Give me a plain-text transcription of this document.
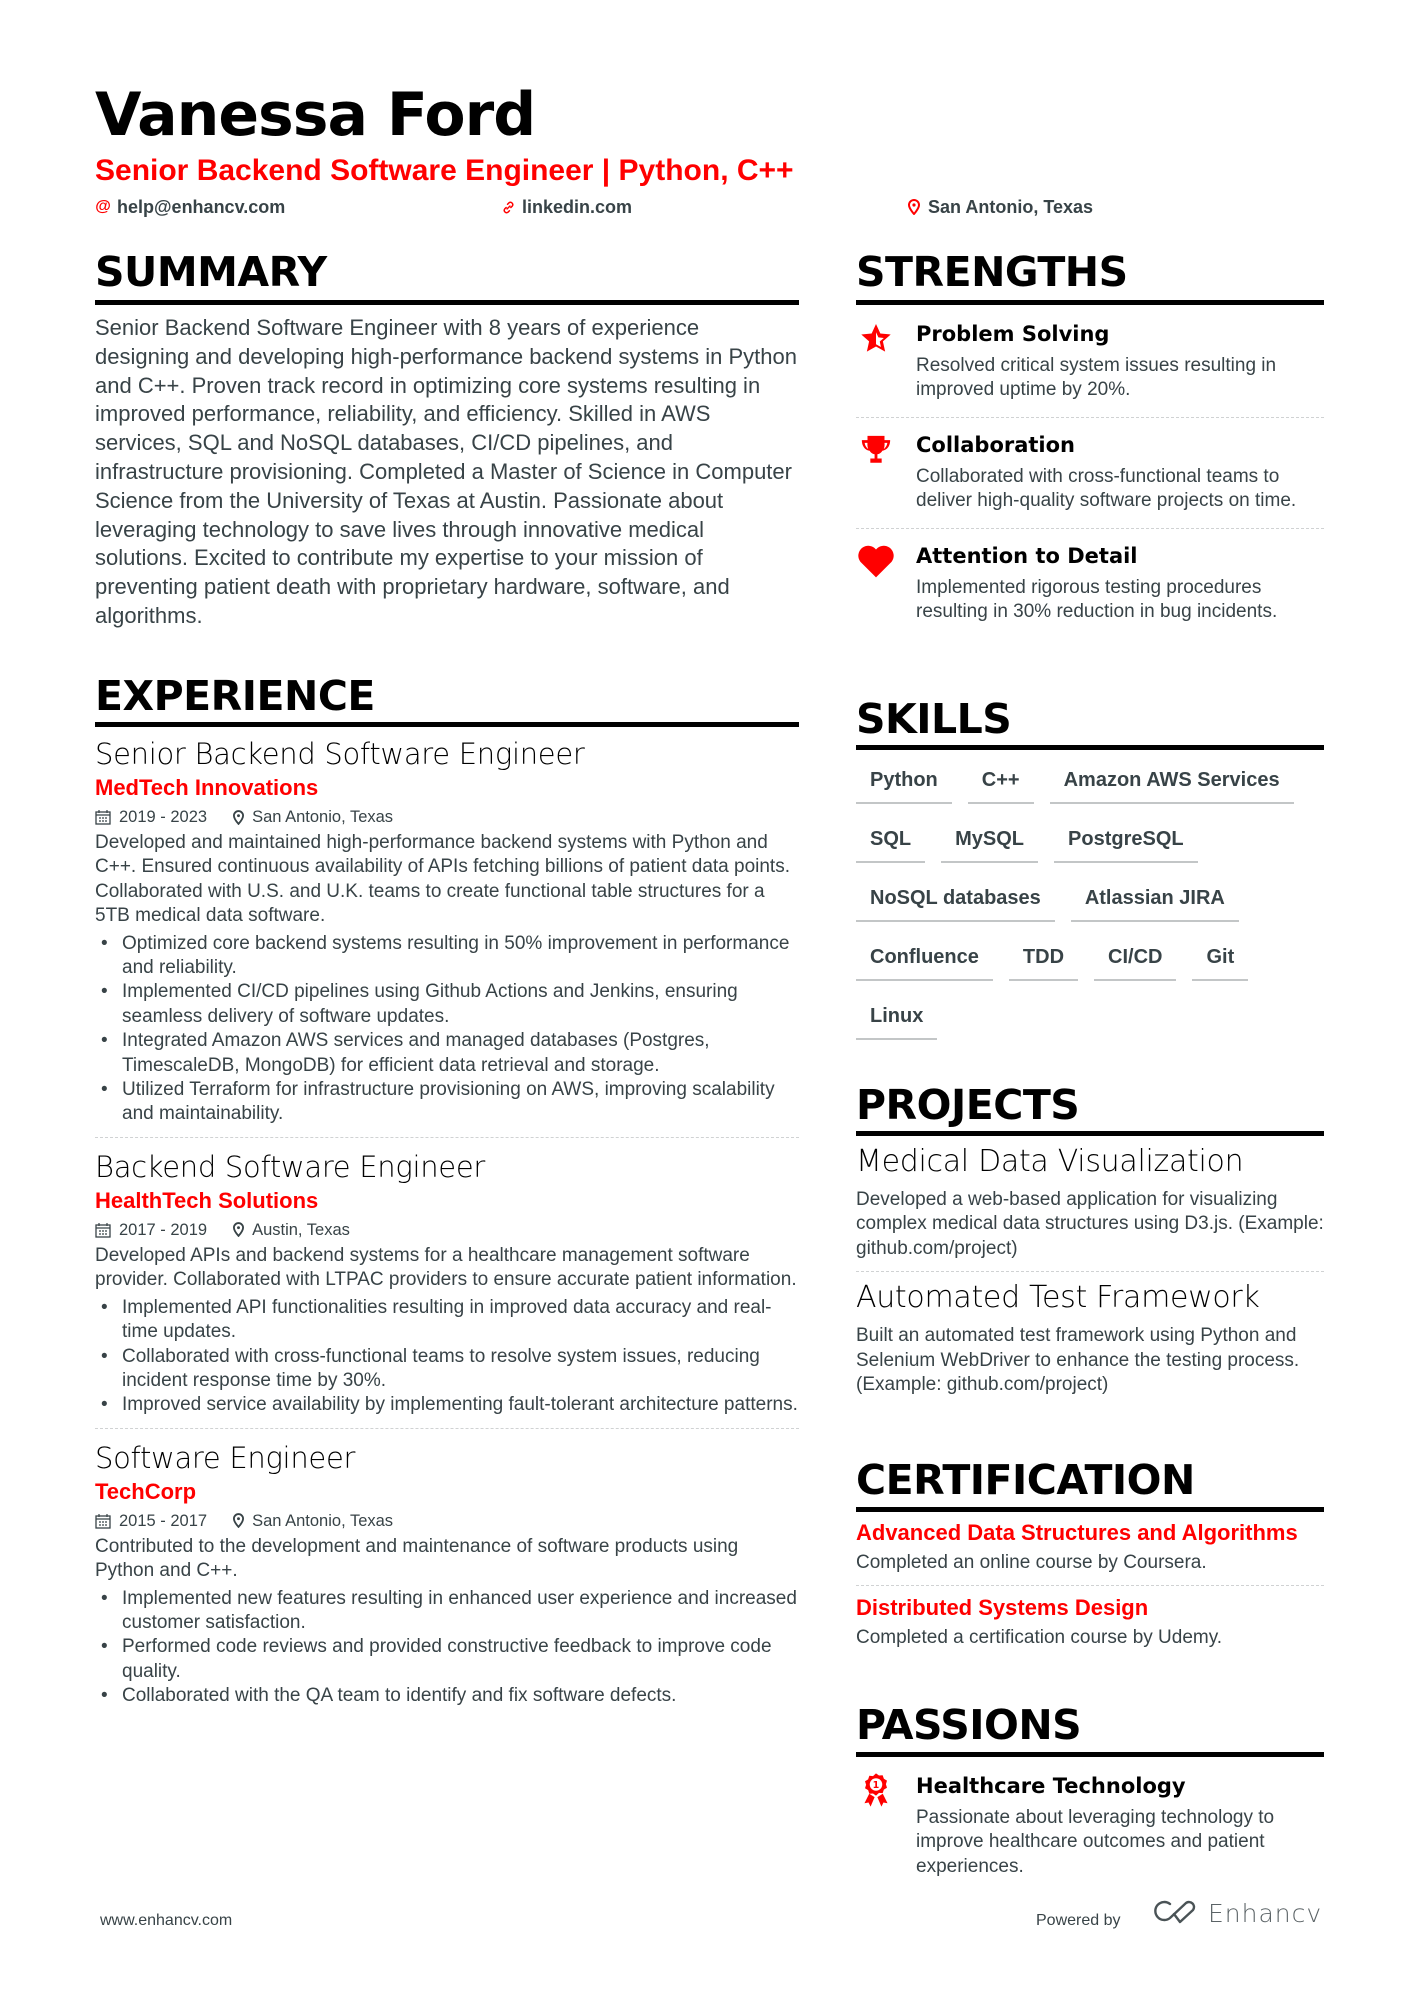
Vanessa Ford
Senior Backend Software Engineer | Python, C++
@ help@enhancv.com	linkedin.com	San Antonio, Texas
SUMMARY
Senior Backend Software Engineer with 8 years of experience designing and developing high-performance backend systems in Python and C++. Proven track record in optimizing core systems resulting in improved performance, reliability, and efficiency. Skilled in AWS services, SQL and NoSQL databases, CI/CD pipelines, and infrastructure provisioning. Completed a Master of Science in Computer Science from the University of Texas at Austin. Passionate about leveraging technology to save lives through innovative medical solutions. Excited to contribute my expertise to your mission of preventing patient death with proprietary hardware, software, and algorithms.
EXPERIENCE
Senior Backend Software Engineer
MedTech Innovations
2019 - 2023	San Antonio, Texas
Developed and maintained high-performance backend systems with Python and C++. Ensured continuous availability of APIs fetching billions of patient data points. Collaborated with U.S. and U.K. teams to create functional table structures for a 5TB medical data software.
• Optimized core backend systems resulting in 50% improvement in performance and reliability.
• Implemented CI/CD pipelines using Github Actions and Jenkins, ensuring seamless delivery of software updates.
• Integrated Amazon AWS services and managed databases (Postgres, TimescaleDB, MongoDB) for efficient data retrieval and storage.
• Utilized Terraform for infrastructure provisioning on AWS, improving scalability and maintainability.
Backend Software Engineer
HealthTech Solutions
2017 - 2019	Austin, Texas
Developed APIs and backend systems for a healthcare management software provider. Collaborated with LTPAC providers to ensure accurate patient information.
• Implemented API functionalities resulting in improved data accuracy and real-time updates.
• Collaborated with cross-functional teams to resolve system issues, reducing incident response time by 30%.
• Improved service availability by implementing fault-tolerant architecture patterns.
Software Engineer
TechCorp
2015 - 2017	San Antonio, Texas
Contributed to the development and maintenance of software products using Python and C++.
• Implemented new features resulting in enhanced user experience and increased customer satisfaction.
• Performed code reviews and provided constructive feedback to improve code quality.
• Collaborated with the QA team to identify and fix software defects.
STRENGTHS
Problem Solving
Resolved critical system issues resulting in improved uptime by 20%.
Collaboration
Collaborated with cross-functional teams to deliver high-quality software projects on time.
Attention to Detail
Implemented rigorous testing procedures resulting in 30% reduction in bug incidents.
SKILLS
Python	C++	Amazon AWS Services
SQL	MySQL	PostgreSQL
NoSQL databases	Atlassian JIRA
Confluence	TDD	CI/CD	Git
Linux
PROJECTS
Medical Data Visualization
Developed a web-based application for visualizing complex medical data structures using D3.js. (Example: github.com/project)
Automated Test Framework
Built an automated test framework using Python and Selenium WebDriver to enhance the testing process. (Example: github.com/project)
CERTIFICATION
Advanced Data Structures and Algorithms
Completed an online course by Coursera.
Distributed Systems Design
Completed a certification course by Udemy.
PASSIONS
1 Healthcare Technology
Passionate about leveraging technology to improve healthcare outcomes and patient experiences.
www.enhancv.com	Powered by	Enhancv
